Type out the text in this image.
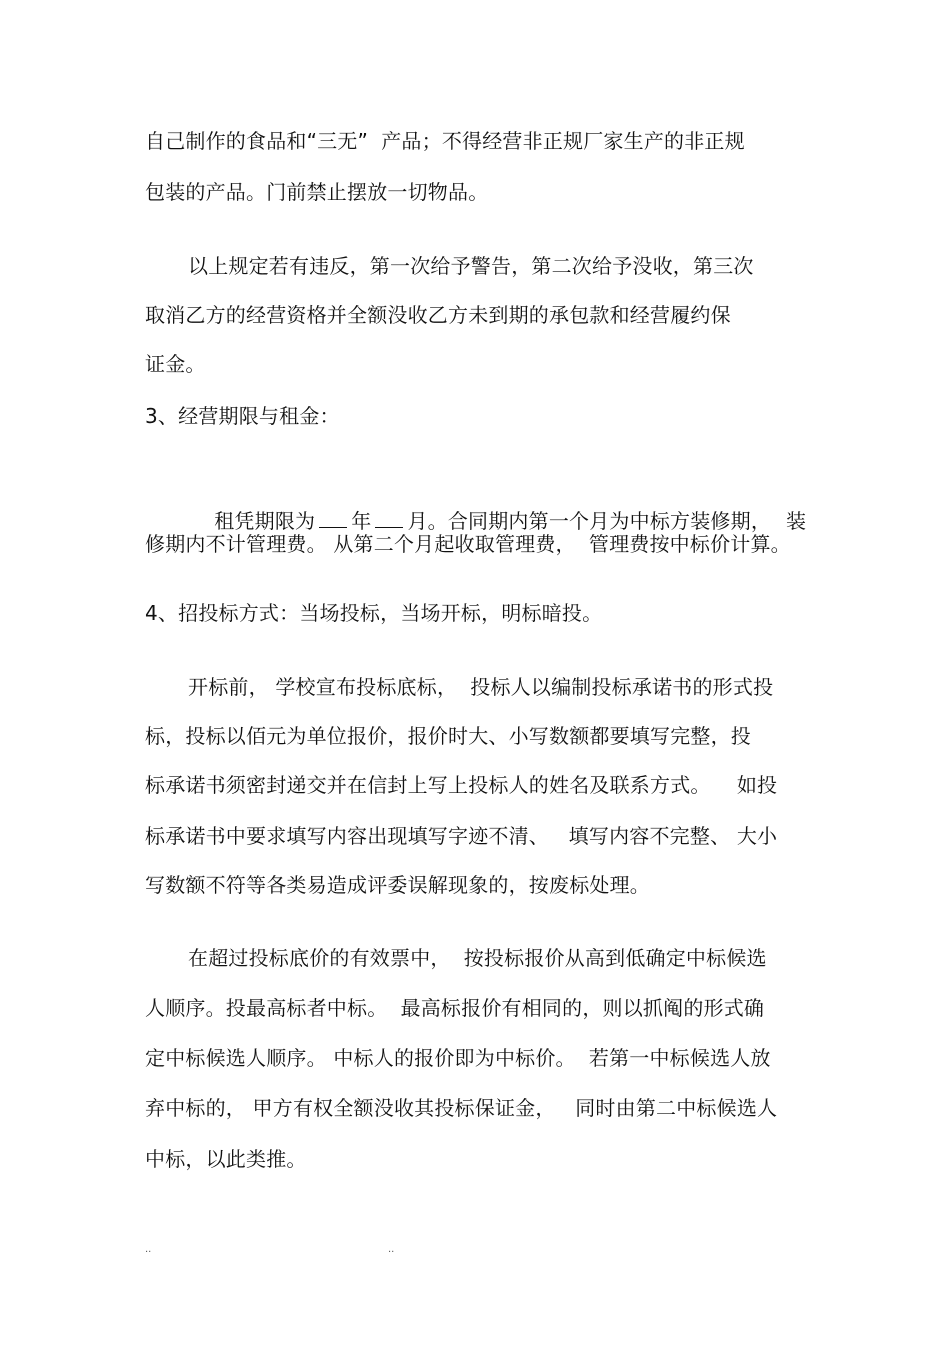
自己制作的食品和“三无”  产品；不得经营非正规厂家生产的非正规
包装的产品。门前禁止摆放一切物品。
以上规定若有违反，第一次给予警告，第二次给予没收，第三次
取消乙方的经营资格并全额没收乙方未到期的承包款和经营履约保
证金。
3、经营期限与租金：

租凭期限为 年 月。合同期内第一个月为中标方装修期， 装

修期内不计管理费。 从第二个月起收取管理费，  管理费按中标价计算。
4、招投标方式：当场投标，当场开标，明标暗投。
开标前， 学校宣布投标底标，  投标人以编制投标承诺书的形式投
标，投标以佰元为单位报价，报价时大、小写数额都要填写完整，投
标承诺书须密封递交并在信封上写上投标人的姓名及联系方式。    如投
标承诺书中要求填写内容出现填写字迹不清、   填写内容不完整、 大小
写数额不符等各类易造成评委误解现象的，按废标处理。
在超过投标底价的有效票中，  按投标报价从高到低确定中标候选
人顺序。投最高标者中标。  最高标报价有相同的，则以抓阄的形式确
定中标候选人顺序。 中标人的报价即为中标价。  若第一中标候选人放
弃中标的， 甲方有权全额没收其投标保证金，   同时由第二中标候选人
中标，以此类推。
..	..
